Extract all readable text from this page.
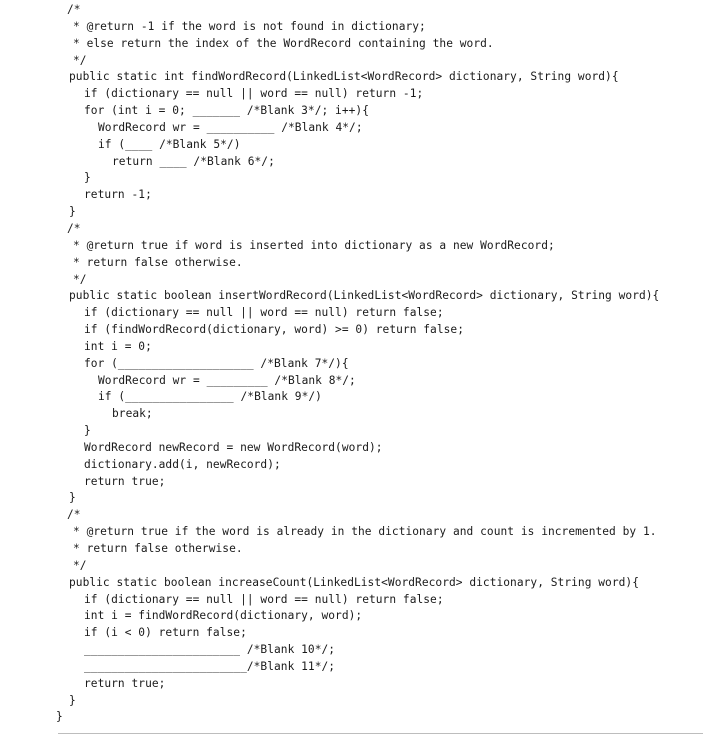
/*
* @return -1 if the word is not found in dictionary;
* else return the index of the WordRecord containing the word.
*/
public static int findWordRecord(LinkedList<WordRecord> dictionary, String word){
if (dictionary == null || word == null) return -1;
for (int i = 0; _______ /*Blank 3*/; i++){
WordRecord wr = __________ /*Blank 4*/;
if (____ /*Blank 5*/)
return ____ /*Blank 6*/;
}
return -1;
}
/*
* @return true if word is inserted into dictionary as a new WordRecord;
* return false otherwise.
*/
public static boolean insertWordRecord(LinkedList<WordRecord> dictionary, String word){
if (dictionary == null || word == null) return false;
if (findWordRecord(dictionary, word) >= 0) return false;
int i = 0;
for (____________________ /*Blank 7*/){
WordRecord wr = _________ /*Blank 8*/;
if (________________ /*Blank 9*/)
break;
}
WordRecord newRecord = new WordRecord(word);
dictionary.add(i, newRecord);
return true;
}
/*
* @return true if the word is already in the dictionary and count is incremented by 1.
* return false otherwise.
*/
public static boolean increaseCount(LinkedList<WordRecord> dictionary, String word){
if (dictionary == null || word == null) return false;
int i = findWordRecord(dictionary, word);
if (i < 0) return false;
_______________________ /*Blank 10*/;
________________________/*Blank 11*/;
return true;
}
}
